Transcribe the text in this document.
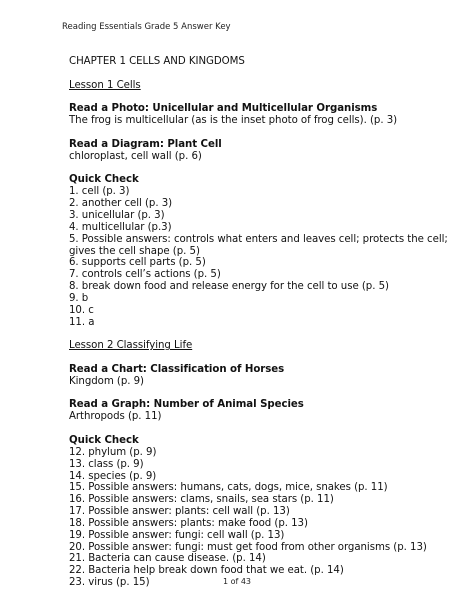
Reading Essentials Grade 5 Answer Key
CHAPTER 1 CELLS AND KINGDOMS
Lesson 1 Cells
Read a Photo: Unicellular and Multicellular Organisms
The frog is multicellular (as is the inset photo of frog cells). (p. 3)
Read a Diagram: Plant Cell
chloroplast, cell wall (p. 6)
Quick Check
1. cell (p. 3)
2. another cell (p. 3)
3. unicellular (p. 3)
4. multicellular (p.3)
5. Possible answers: controls what enters and leaves cell; protects the cell;
gives the cell shape (p. 5)
6. supports cell parts (p. 5)
7. controls cell’s actions (p. 5)
8. break down food and release energy for the cell to use (p. 5)
9. b
10. c
11. a
Lesson 2 Classifying Life
Read a Chart: Classification of Horses
Kingdom (p. 9)
Read a Graph: Number of Animal Species
Arthropods (p. 11)
Quick Check
12. phylum (p. 9)
13. class (p. 9)
14. species (p. 9)
15. Possible answers: humans, cats, dogs, mice, snakes (p. 11)
16. Possible answers: clams, snails, sea stars (p. 11)
17. Possible answer: plants: cell wall (p. 13)
18. Possible answers: plants: make food (p. 13)
19. Possible answer: fungi: cell wall (p. 13)
20. Possible answer: fungi: must get food from other organisms (p. 13)
21. Bacteria can cause disease. (p. 14)
22. Bacteria help break down food that we eat. (p. 14)
23. virus (p. 15)	1 of 43
